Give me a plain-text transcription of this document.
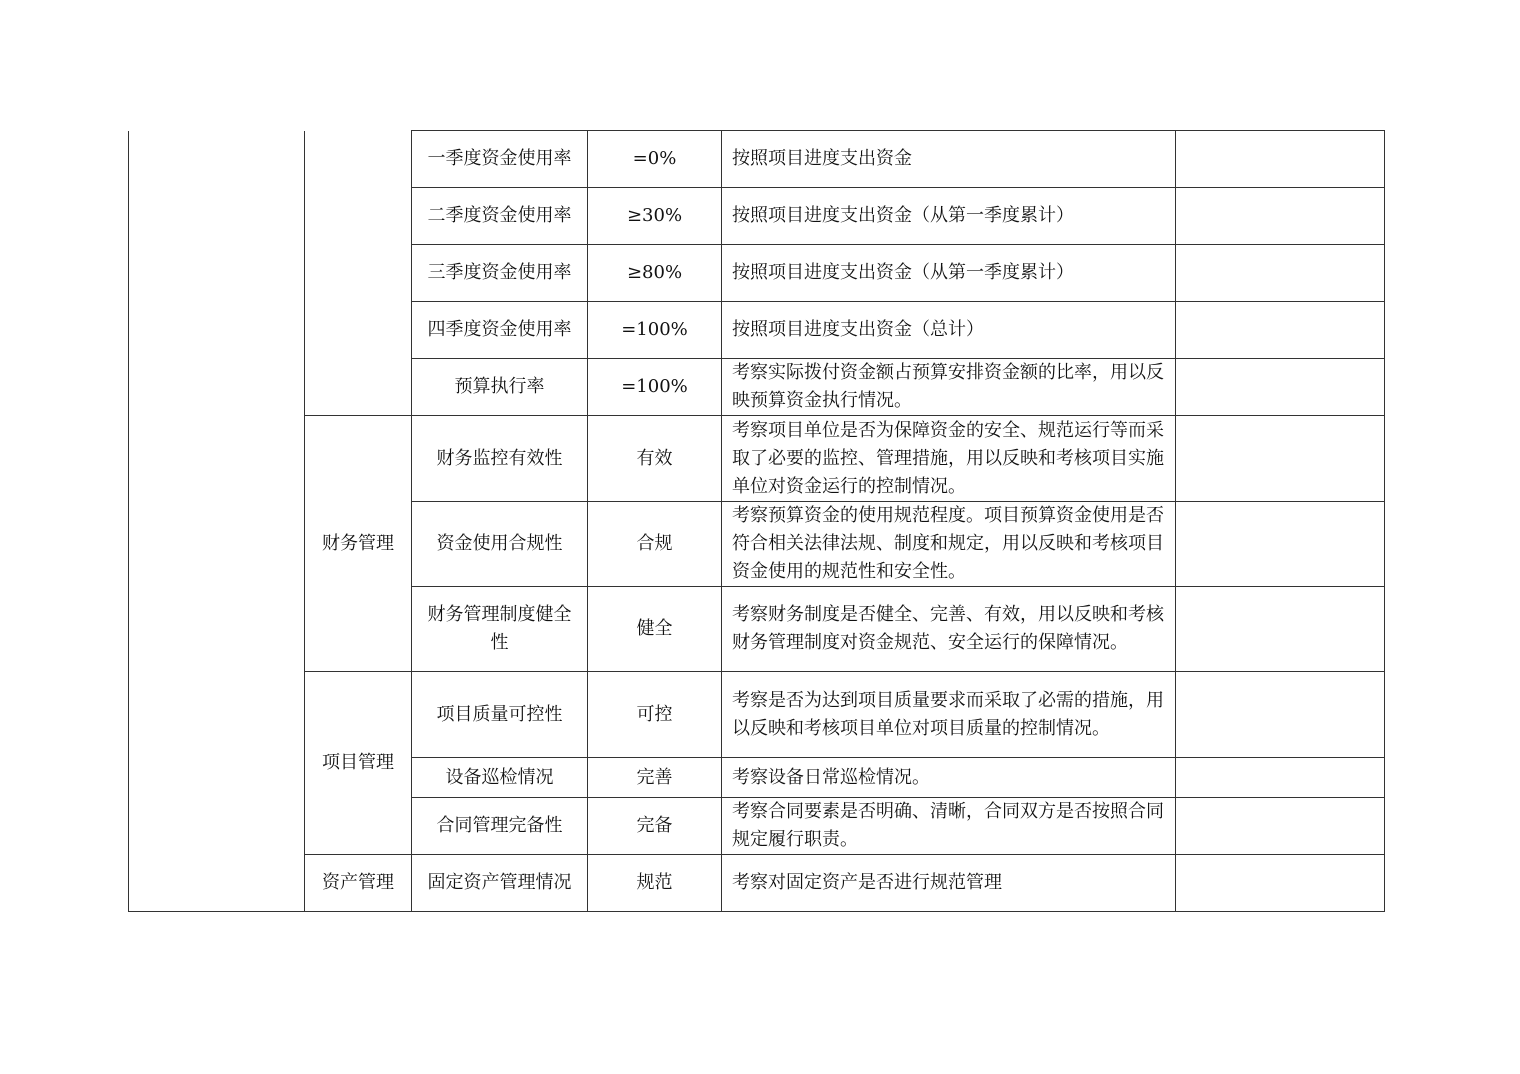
		一季度资金使用率	=0%	按照项目进度支出资金	

		二季度资金使用率	≥30%	按照项目进度支出资金（从第一季度累计）	

		三季度资金使用率	≥80%	按照项目进度支出资金（从第一季度累计）	

		四季度资金使用率	=100%	按照项目进度支出资金（总计）	
		预算执行率	=100%	考察实际拨付资金额占预算安排资金额的比率，用以反映预算资金执行情况。	
	财务管理	财务监控有效性	有效	考察项目单位是否为保障资金的安全、规范运行等而采取了必要的监控、管理措施，用以反映和考核项目实施单位对资金运行的控制情况。	
		资金使用合规性	合规	考察预算资金的使用规范程度。项目预算资金使用是否符合相关法律法规、制度和规定，用以反映和考核项目资金使用的规范性和安全性。	

		财务管理制度健全性	健全	考察财务制度是否健全、完善、有效，用以反映和考核财务管理制度对资金规范、安全运行的保障情况。	
	项目管理	项目质量可控性	可控	考察是否为达到项目质量要求而采取了必需的措施，用以反映和考核项目单位对项目质量的控制情况。	
		设备巡检情况	完善	考察设备日常巡检情况。	
		合同管理完备性	完备	考察合同要素是否明确、清晰，合同双方是否按照合同规定履行职责。	
	资产管理	固定资产管理情况	规范	考察对固定资产是否进行规范管理	
